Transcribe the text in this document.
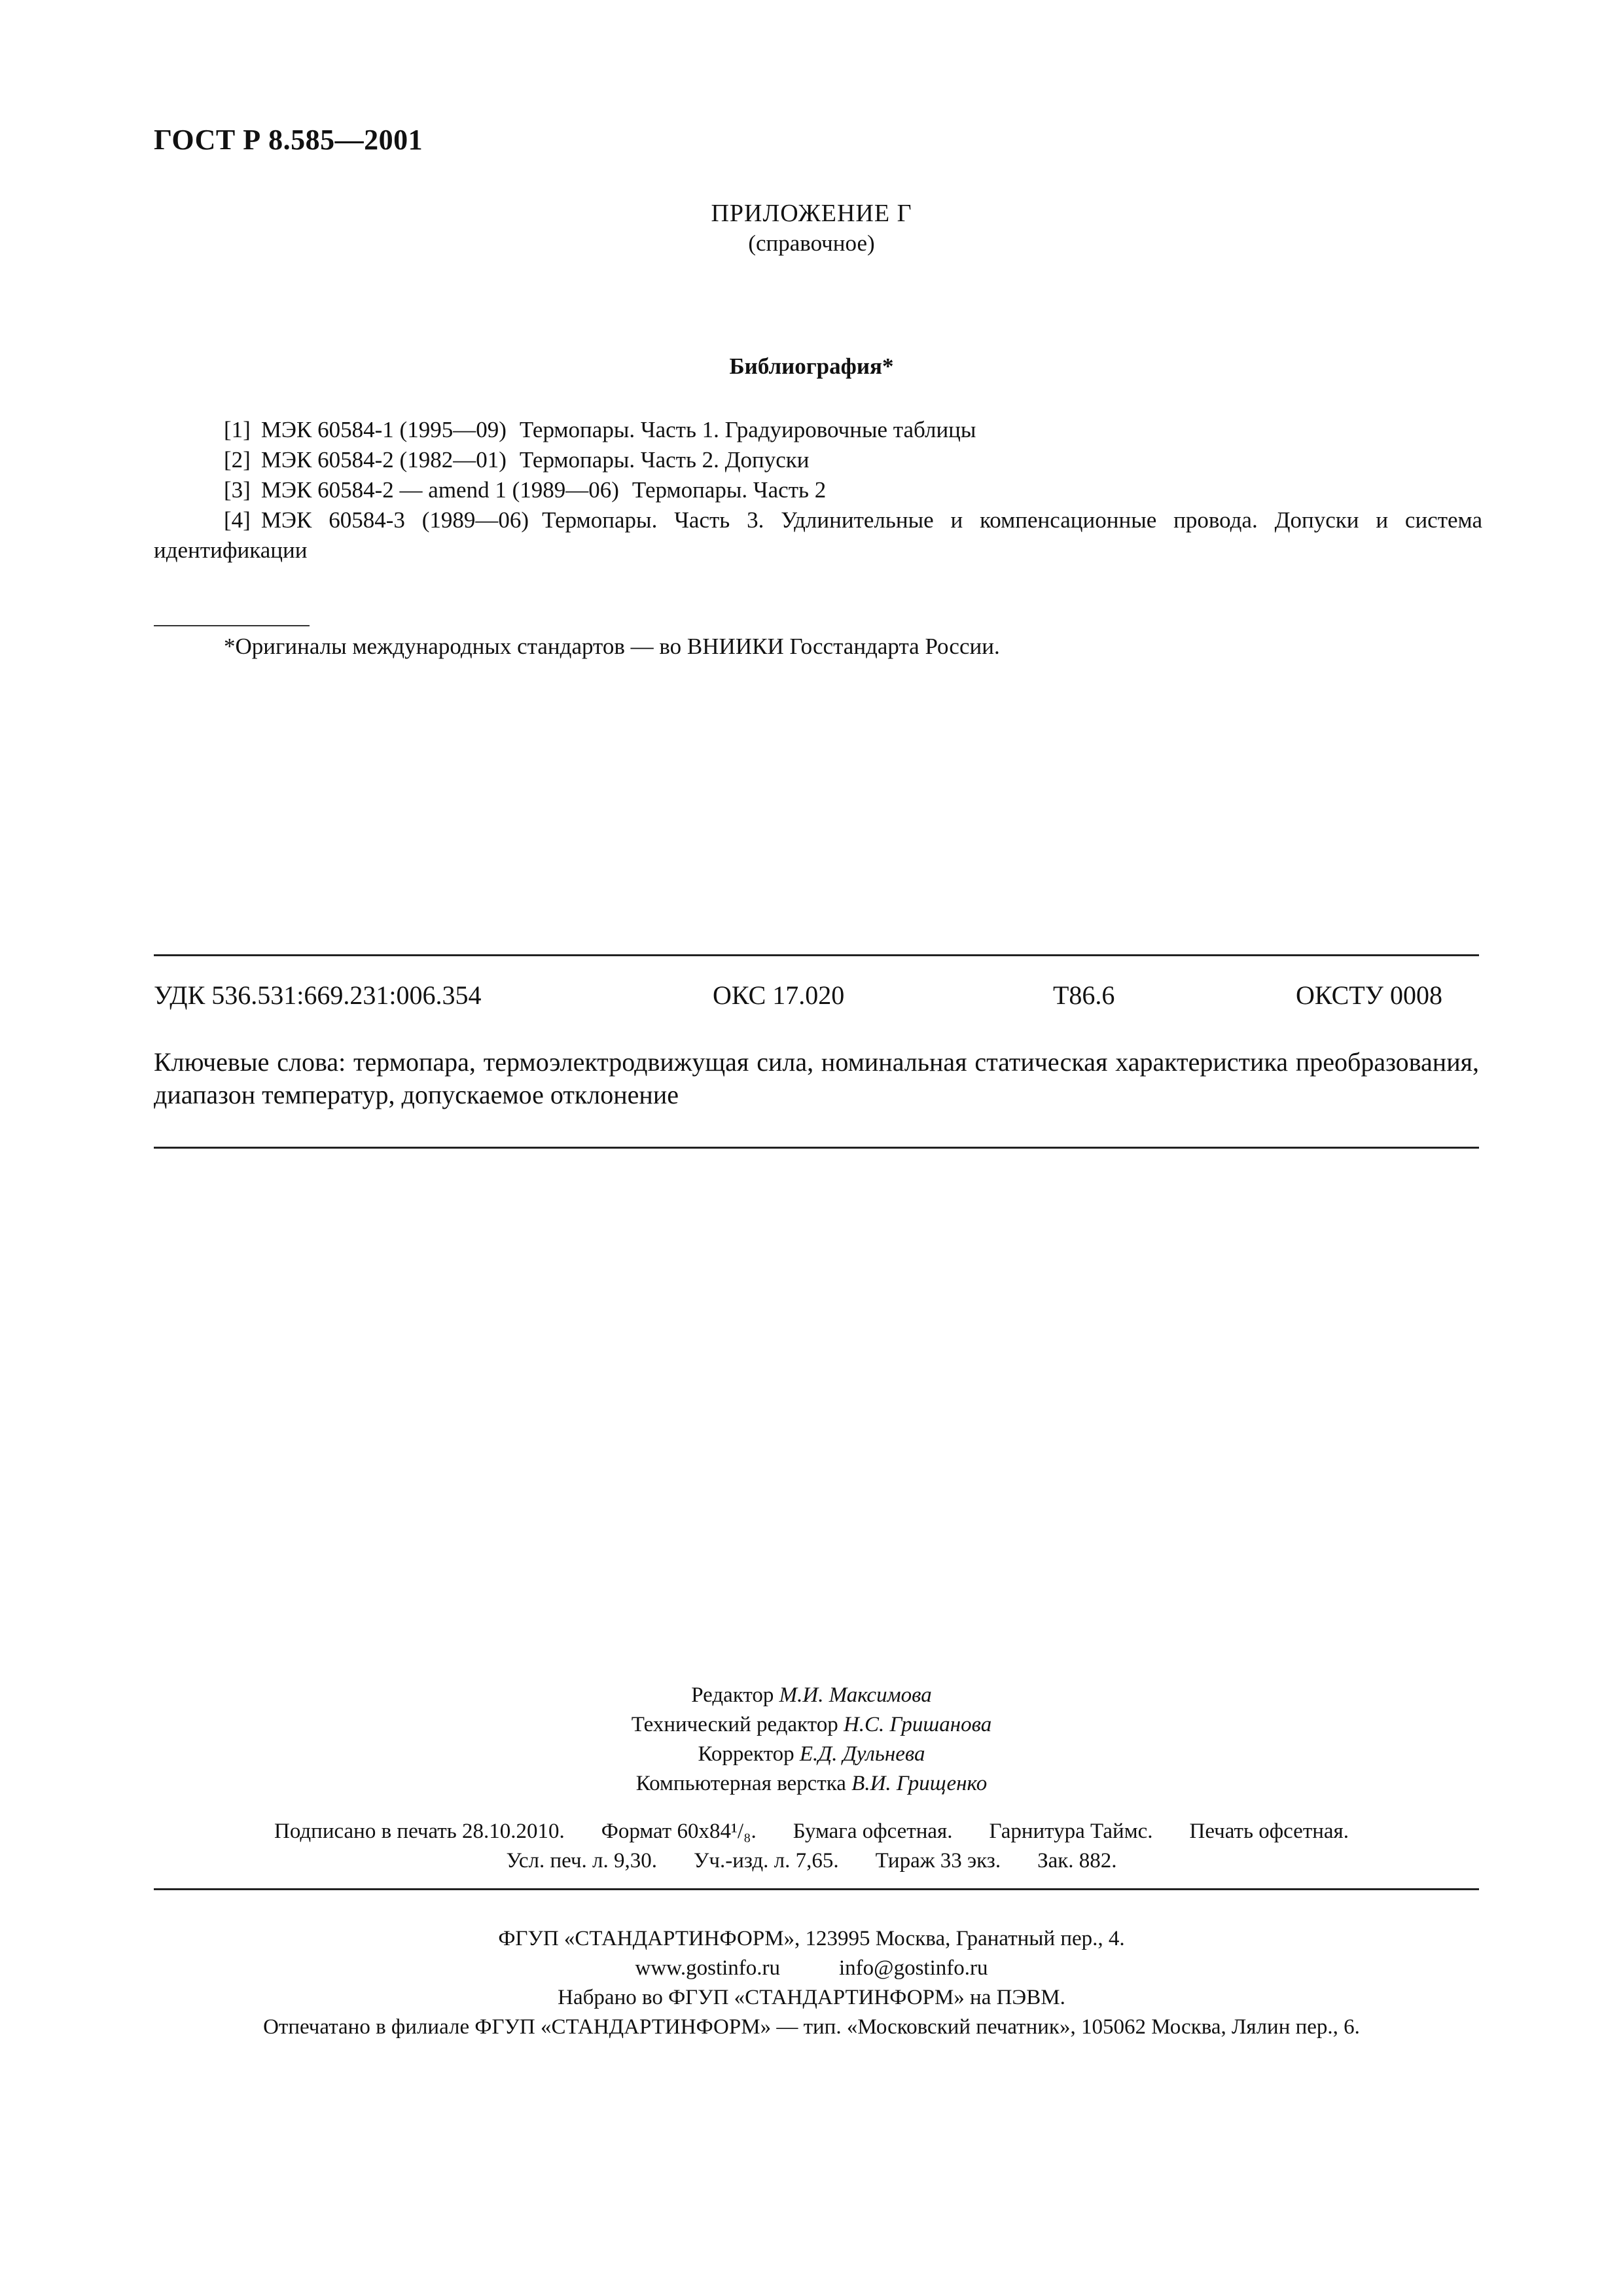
ГОСТ Р 8.585—2001
ПРИЛОЖЕНИЕ Г
(справочное)
Библиография*
[1] МЭК 60584-1 (1995—09) Термопары. Часть 1. Градуировочные таблицы
[2] МЭК 60584-2 (1982—01) Термопары. Часть 2. Допуски
[3] МЭК 60584-2 — amend 1 (1989—06) Термопары. Часть 2
[4] МЭК 60584-3 (1989—06) Термопары. Часть 3. Удлинительные и компенсационные провода. Допуски и система идентификации
*Оригиналы международных стандартов — во ВНИИКИ Госстандарта России.
УДК 536.531:669.231:006.354	ОКС 17.020	Т86.6	ОКСТУ 0008
Ключевые слова: термопара, термоэлектродвижущая сила, номинальная статическая характеристика преобразования, диапазон температур, допускаемое отклонение
Редактор М.И. Максимова
Технический редактор Н.С. Гришанова
Корректор Е.Д. Дульнева
Компьютерная верстка В.И. Грищенко
Подписано в печать 28.10.2010. Формат 60х84¹/₈. Бумага офсетная. Гарнитура Таймс. Печать офсетная.
Усл. печ. л. 9,30. Уч.-изд. л. 7,65. Тираж 33 экз. Зак. 882.
ФГУП «СТАНДАРТИНФОРМ», 123995 Москва, Гранатный пер., 4.
www.gostinfo.ru	info@gostinfo.ru
Набрано во ФГУП «СТАНДАРТИНФОРМ» на ПЭВМ.
Отпечатано в филиале ФГУП «СТАНДАРТИНФОРМ» — тип. «Московский печатник», 105062 Москва, Лялин пер., 6.
